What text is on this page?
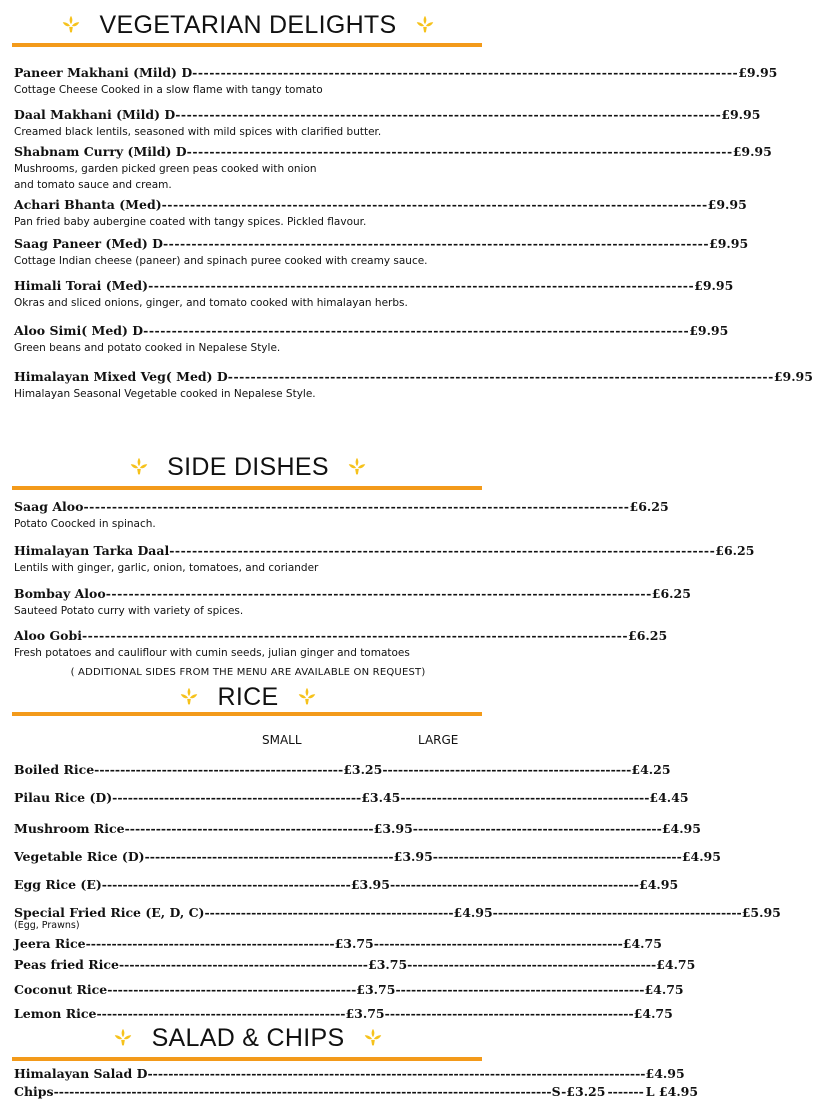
VEGETARIAN DELIGHTS
Paneer Makhani (Mild) D ------------------------------------------------------------------------------------------------ £9.95
Cottage Cheese Cooked in a slow flame with tangy tomato
Daal Makhani (Mild) D ------------------------------------------------------------------------------------------------ £9.95
Creamed black lentils, seasoned with mild spices with clarified butter.
Shabnam Curry (Mild) D ------------------------------------------------------------------------------------------------ £9.95
Mushrooms, garden picked green peas cooked with onion
and tomato sauce and cream.
Achari Bhanta (Med) ------------------------------------------------------------------------------------------------ £9.95
Pan fried baby aubergine coated with tangy spices. Pickled flavour.
Saag Paneer (Med) D ------------------------------------------------------------------------------------------------ £9.95
Cottage Indian cheese (paneer) and spinach puree cooked with creamy sauce.
Himali Torai (Med) ------------------------------------------------------------------------------------------------ £9.95
Okras and sliced onions, ginger, and tomato cooked with himalayan herbs.
Aloo Simi( Med) D ------------------------------------------------------------------------------------------------ £9.95
Green beans and potato cooked in Nepalese Style.
Himalayan Mixed Veg( Med) D ------------------------------------------------------------------------------------------------ £9.95
Himalayan Seasonal Vegetable cooked in Nepalese Style.
SIDE DISHES
Saag Aloo ------------------------------------------------------------------------------------------------ £6.25
Potato Coocked in spinach.
Himalayan Tarka Daal ------------------------------------------------------------------------------------------------ £6.25
Lentils with ginger, garlic, onion, tomatoes, and coriander
Bombay Aloo ------------------------------------------------------------------------------------------------ £6.25
Sauteed Potato curry with variety of spices.
Aloo Gobi ------------------------------------------------------------------------------------------------ £6.25
Fresh potatoes and cauliflour with cumin seeds, julian ginger and tomatoes
( ADDITIONAL SIDES FROM THE MENU ARE AVAILABLE ON REQUEST)
RICE
SMALL	LARGE
Boiled Rice ------------------------------------------------ £3.25 ------------------------------------------------ £4.25
Pilau Rice (D) ------------------------------------------------ £3.45 ------------------------------------------------ £4.45
Mushroom Rice ------------------------------------------------ £3.95 ------------------------------------------------ £4.95
Vegetable Rice (D) ------------------------------------------------ £3.95 ------------------------------------------------ £4.95
Egg Rice (E) ------------------------------------------------ £3.95 ------------------------------------------------ £4.95
Special Fried Rice (E, D, C) ------------------------------------------------ £4.95 ------------------------------------------------ £5.95
(Egg, Prawns)
Jeera Rice ------------------------------------------------ £3.75 ------------------------------------------------ £4.75
Peas fried Rice ------------------------------------------------ £3.75 ------------------------------------------------ £4.75
Coconut Rice ------------------------------------------------ £3.75 ------------------------------------------------ £4.75
Lemon Rice ------------------------------------------------ £3.75 ------------------------------------------------ £4.75
SALAD & CHIPS
Himalayan Salad D ------------------------------------------------------------------------------------------------ £4.95
Chips ------------------------------------------------------------------------------------------------ S-£3.25 ------- L £4.95
